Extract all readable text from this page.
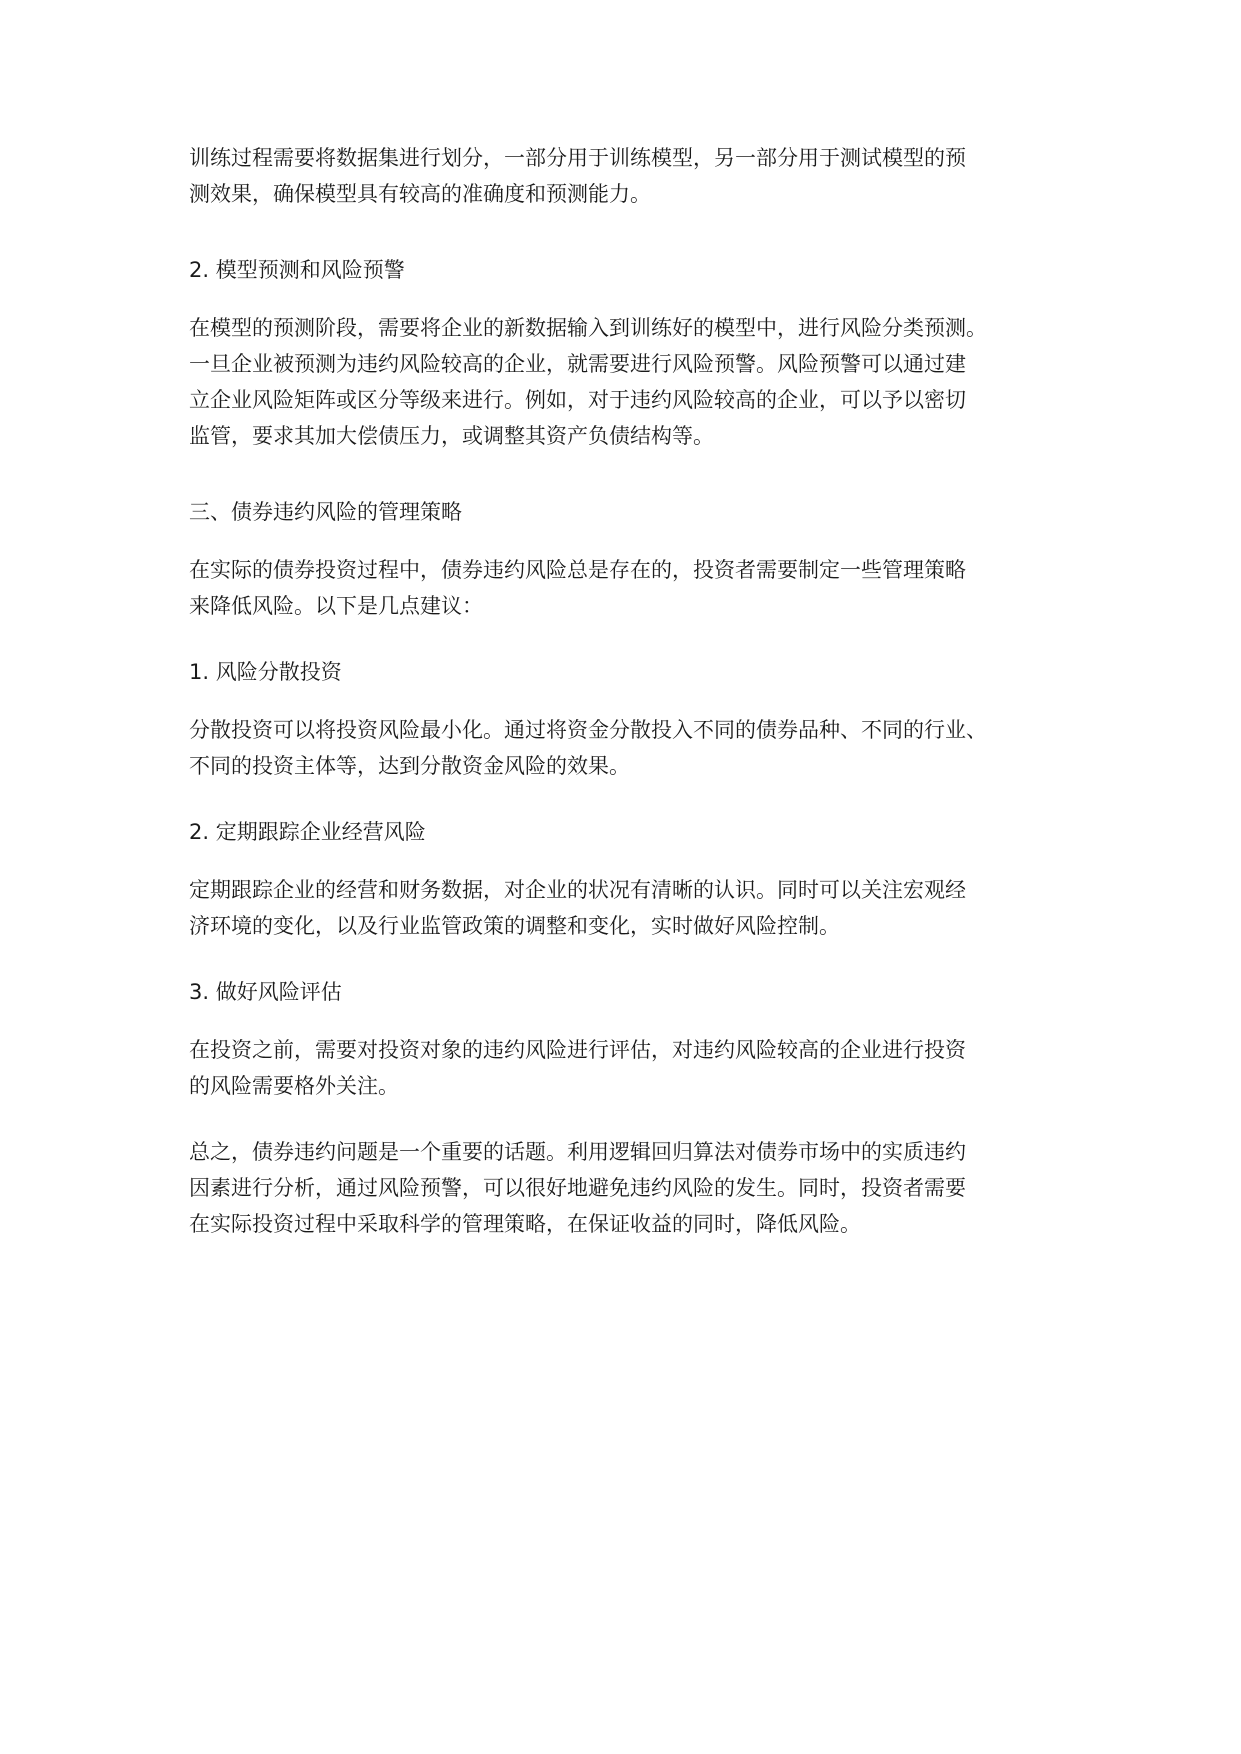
训练过程需要将数据集进行划分，一部分用于训练模型，另一部分用于测试模型的预
测效果，确保模型具有较高的准确度和预测能力。
2. 模型预测和风险预警
在模型的预测阶段，需要将企业的新数据输入到训练好的模型中，进行风险分类预测。
一旦企业被预测为违约风险较高的企业，就需要进行风险预警。风险预警可以通过建
立企业风险矩阵或区分等级来进行。例如，对于违约风险较高的企业，可以予以密切
监管，要求其加大偿债压力，或调整其资产负债结构等。
三、债券违约风险的管理策略
在实际的债券投资过程中，债券违约风险总是存在的，投资者需要制定一些管理策略
来降低风险。以下是几点建议：
1. 风险分散投资
分散投资可以将投资风险最小化。通过将资金分散投入不同的债券品种、不同的行业、
不同的投资主体等，达到分散资金风险的效果。
2. 定期跟踪企业经营风险
定期跟踪企业的经营和财务数据，对企业的状况有清晰的认识。同时可以关注宏观经
济环境的变化，以及行业监管政策的调整和变化，实时做好风险控制。
3. 做好风险评估
在投资之前，需要对投资对象的违约风险进行评估，对违约风险较高的企业进行投资
的风险需要格外关注。
总之，债券违约问题是一个重要的话题。利用逻辑回归算法对债券市场中的实质违约
因素进行分析，通过风险预警，可以很好地避免违约风险的发生。同时，投资者需要
在实际投资过程中采取科学的管理策略，在保证收益的同时，降低风险。
